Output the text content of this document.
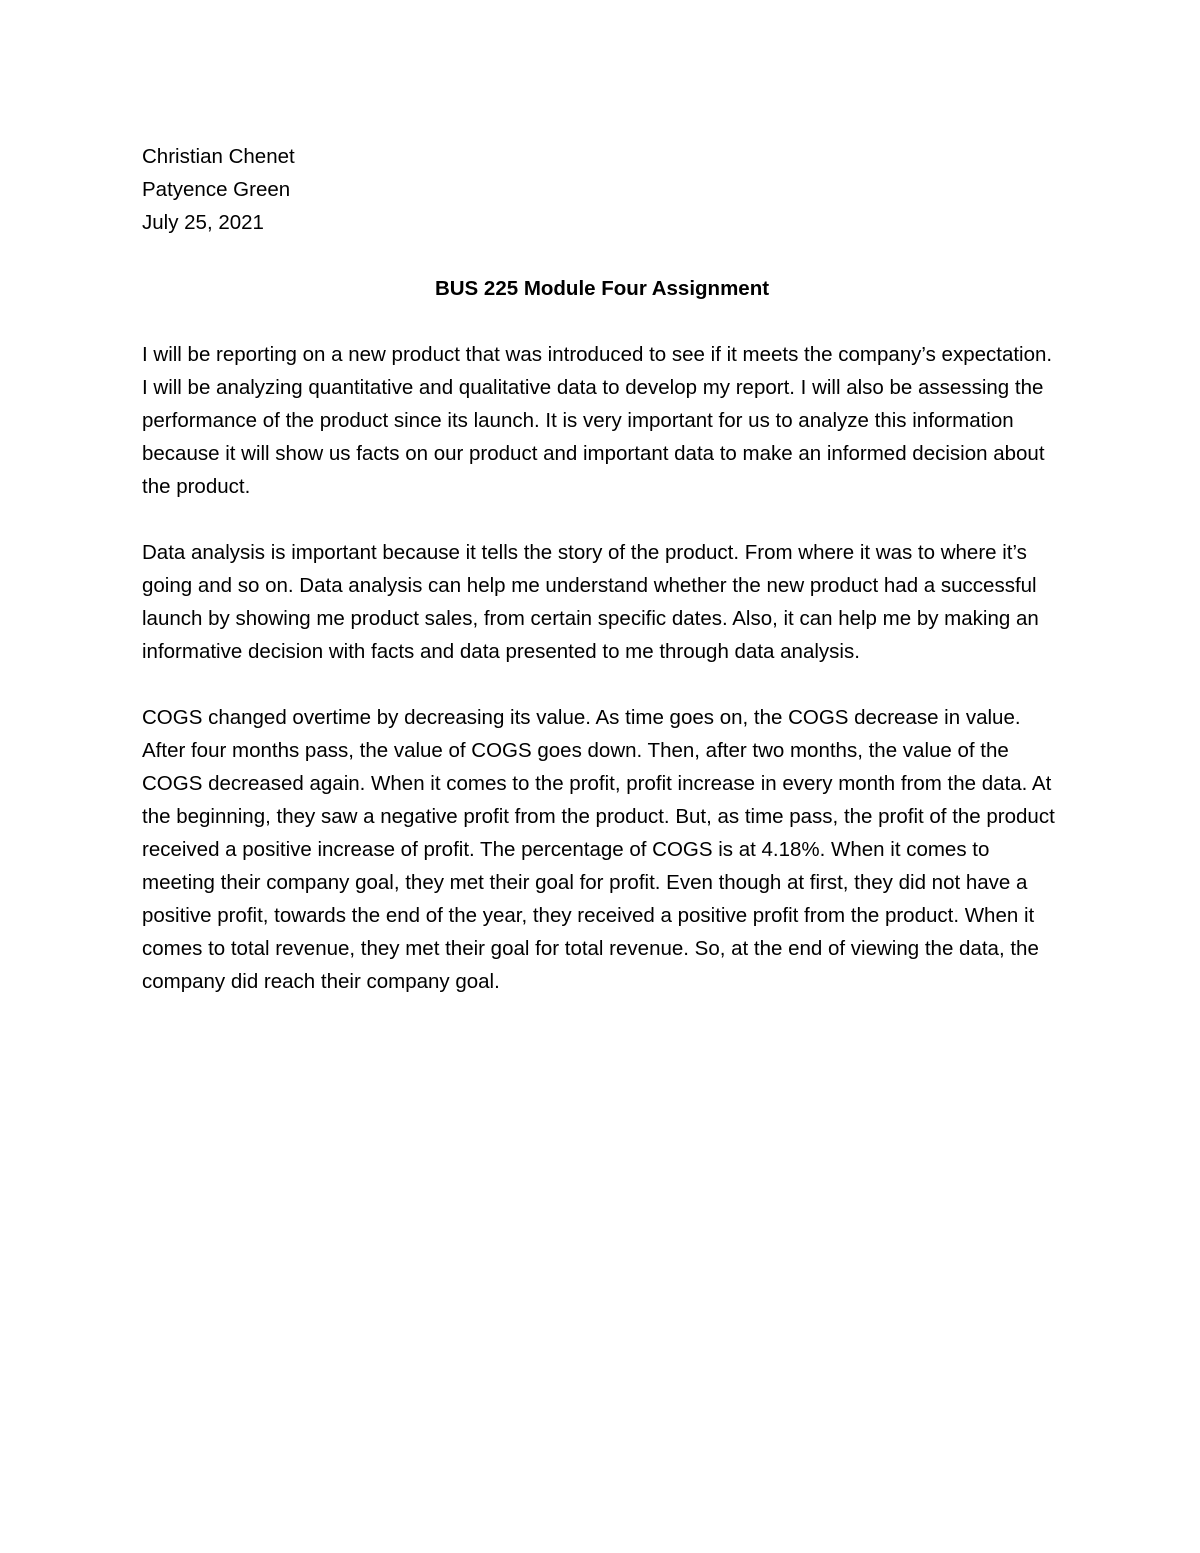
Christian Chenet
Patyence Green
July 25, 2021
BUS 225 Module Four Assignment

I will be reporting on a new product that was introduced to see if it meets the company’s expectation. I will be analyzing quantitative and qualitative data to develop my report. I will also be assessing the performance of the product since its launch. It is very important for us to analyze this information because it will show us facts on our product and important data to make an informed decision about the product.

Data analysis is important because it tells the story of the product. From where it was to where it’s going and so on. Data analysis can help me understand whether the new product had a successful launch by showing me product sales, from certain specific dates. Also, it can help me by making an informative decision with facts and data presented to me through data analysis.

COGS changed overtime by decreasing its value. As time goes on, the COGS decrease in value. After four months pass, the value of COGS goes down. Then, after two months, the value of the COGS decreased again. When it comes to the profit, profit increase in every month from the data. At the beginning, they saw a negative profit from the product. But, as time pass, the profit of the product received a positive increase of profit. The percentage of COGS is at 4.18%. When it comes to meeting their company goal, they met their goal for profit. Even though at first, they did not have a positive profit, towards the end of the year, they received a positive profit from the product. When it comes to total revenue, they met their goal for total revenue. So, at the end of viewing the data, the company did reach their company goal.
